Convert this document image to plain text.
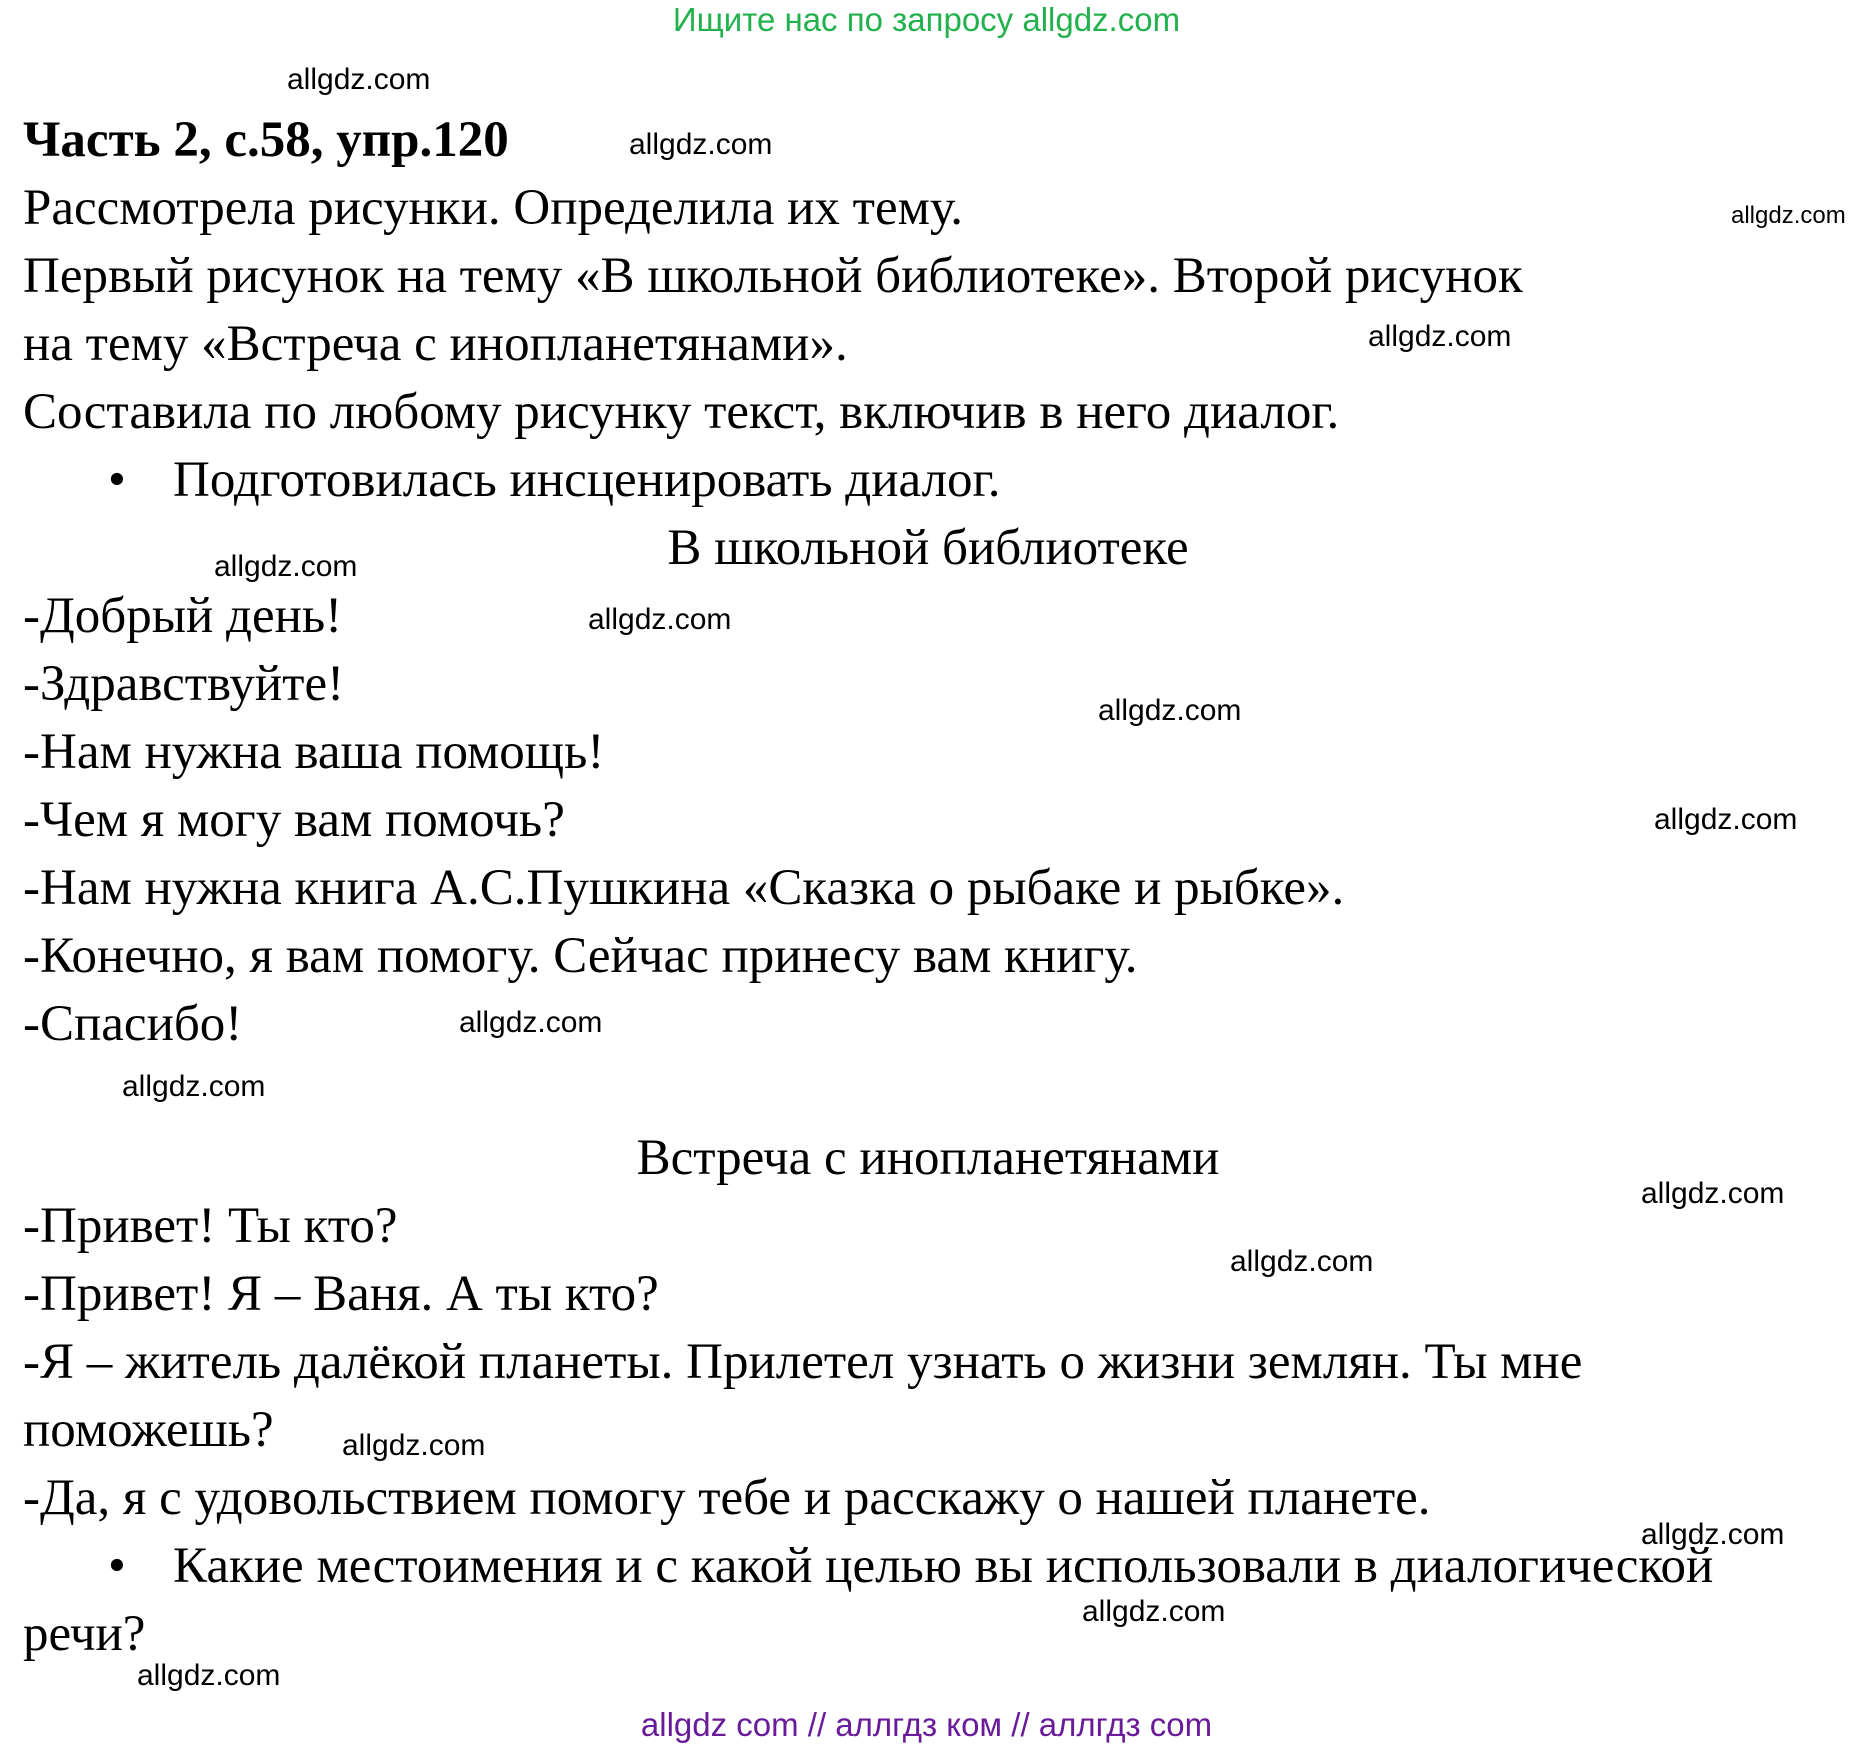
Ищите нас по запросу allgdz.com

Часть 2, с.58, упр.120

Рассмотрела рисунки. Определила их тему.

Первый рисунок на тему «В школьной библиотеке». Второй рисунок

на тему «Встреча с инопланетянами».

Составила по любому рисунку текст, включив в него диалог.

• Подготовилась инсценировать диалог.

В школьной библиотеке

-Добрый день!

-Здравствуйте!

-Нам нужна ваша помощь!

-Чем я могу вам помочь?

-Нам нужна книга А.С.Пушкина «Сказка о рыбаке и рыбке».

-Конечно, я вам помогу. Сейчас принесу вам книгу.

-Спасибо!

Встреча с инопланетянами

-Привет! Ты кто?

-Привет! Я – Ваня. А ты кто?

-Я – житель далёкой планеты. Прилетел узнать о жизни землян. Ты мне

поможешь?

-Да, я с удовольствием помогу тебе и расскажу о нашей планете.

• Какие местоимения и с какой целью вы использовали в диалогической речи?

allgdz.com
allgdz.com
allgdz.com
allgdz.com
allgdz.com
allgdz.com
allgdz.com
allgdz.com
allgdz.com
allgdz.com
allgdz.com
allgdz.com
allgdz.com
allgdz.com
allgdz.com
allgdz.com
allgdz com // аллгдз ком // аллгдз com
